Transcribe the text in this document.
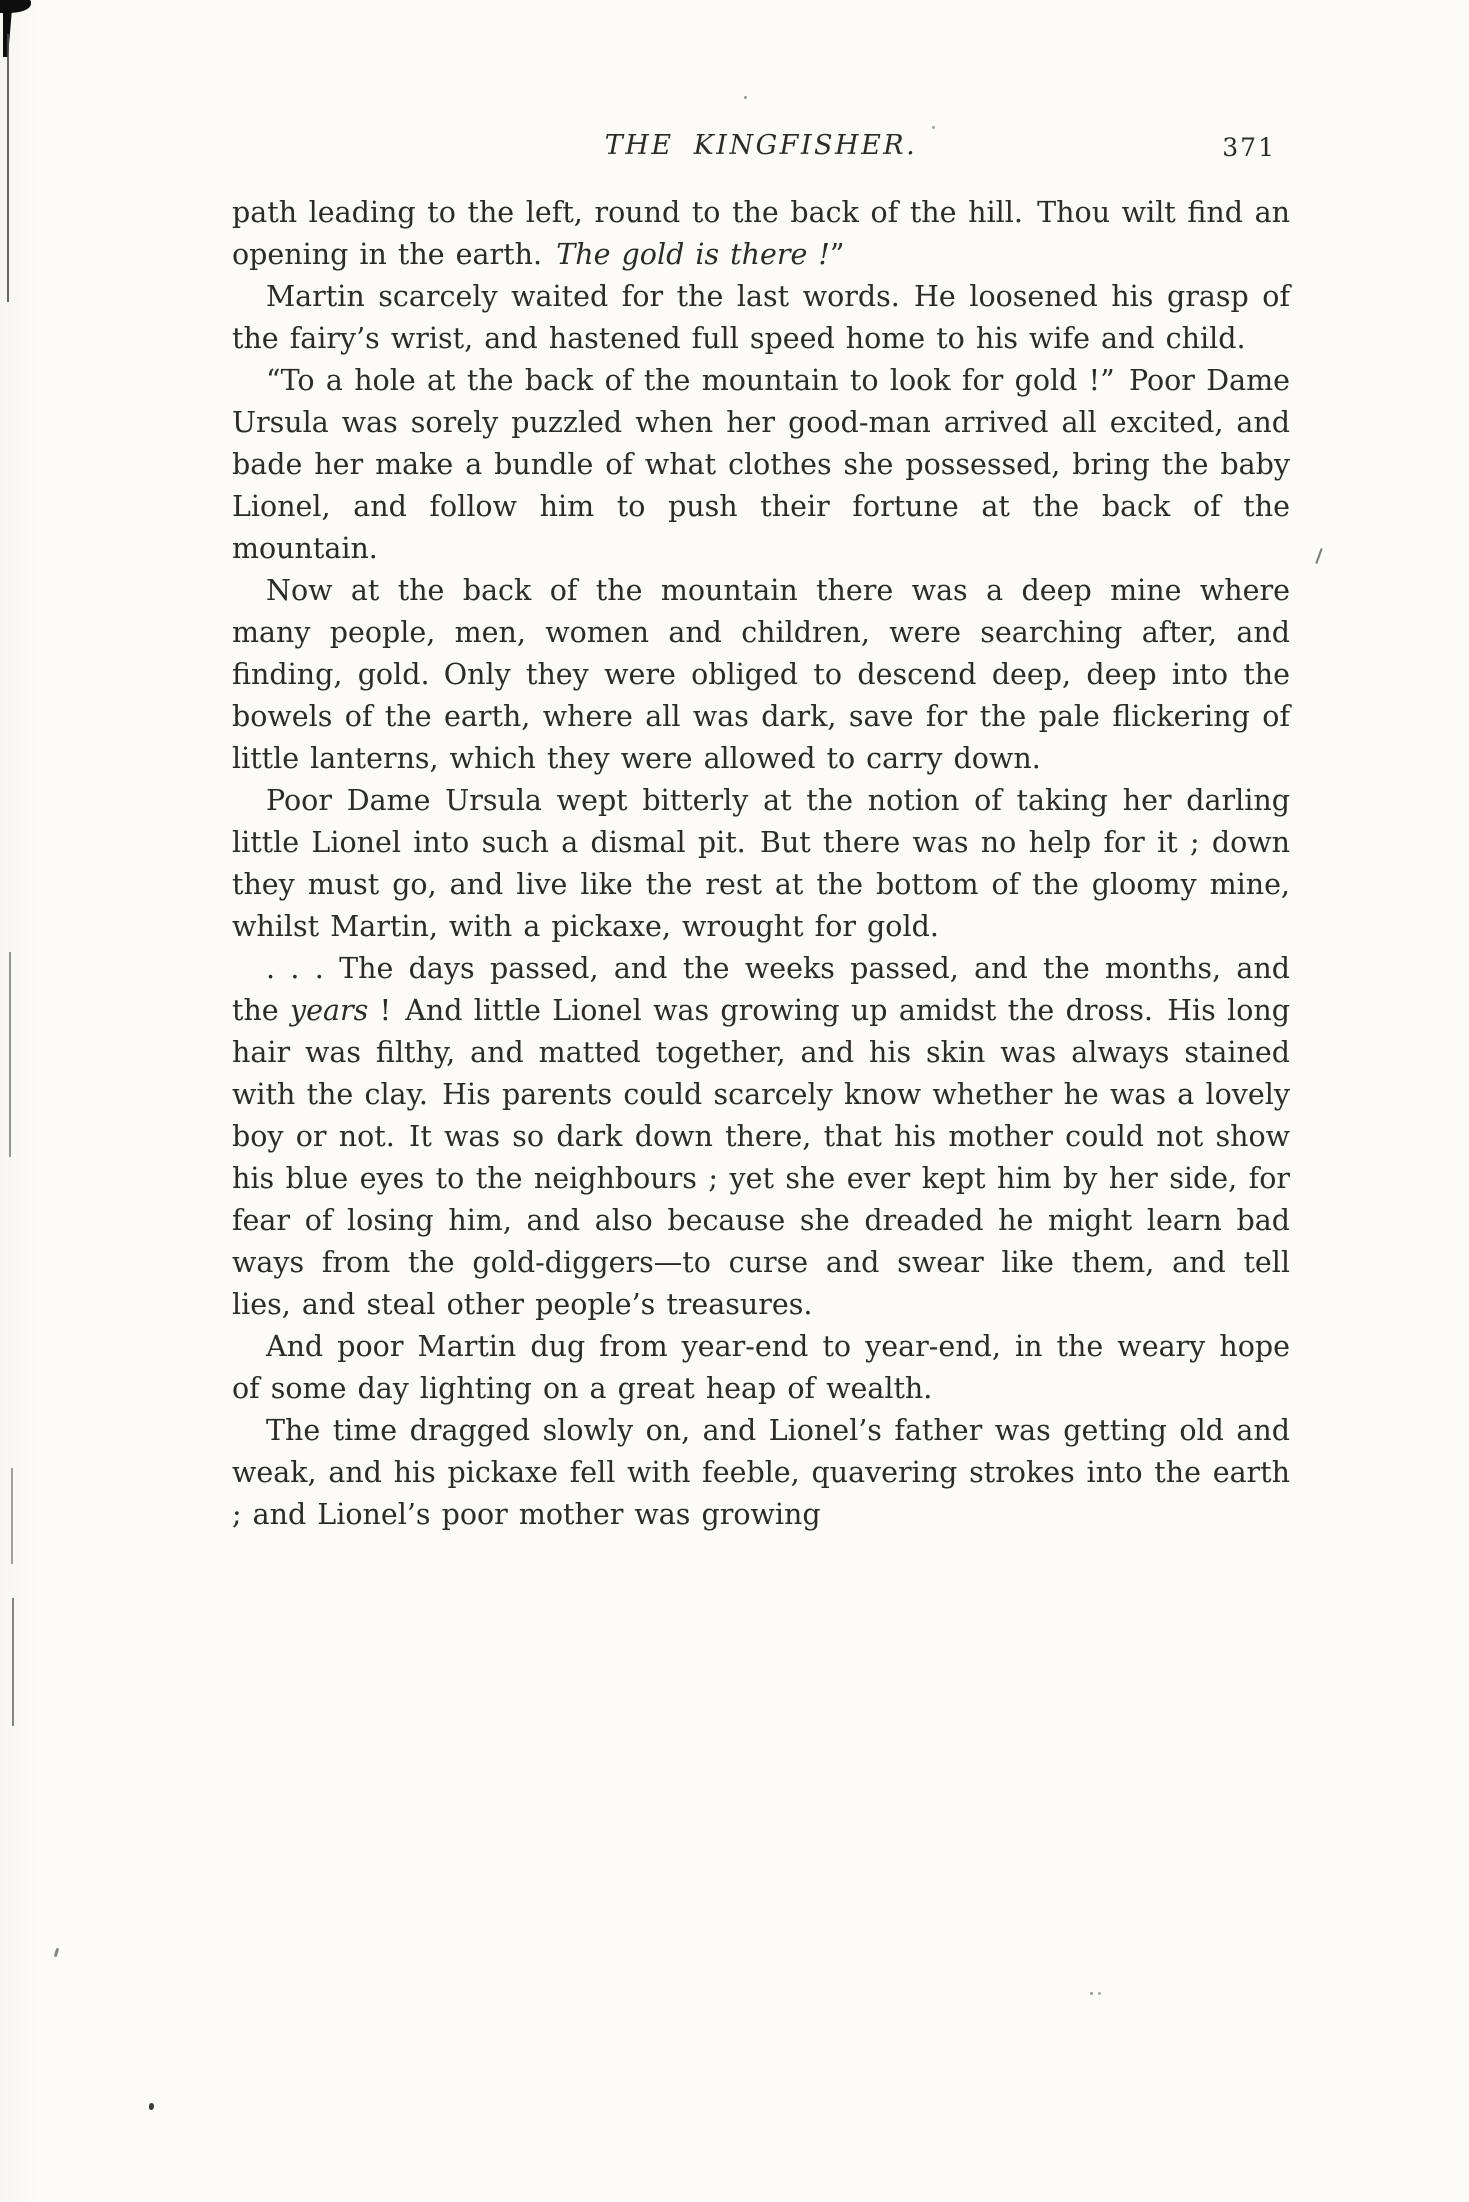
THE KINGFISHER.	371

path leading to the left, round to the back of the hill. Thou wilt find an opening in the earth. The gold is there !”

Martin scarcely waited for the last words. He loosened his grasp of the fairy’s wrist, and hastened full speed home to his wife and child.

“To a hole at the back of the mountain to look for gold !” Poor Dame Ursula was sorely puzzled when her good-man arrived all excited, and bade her make a bundle of what clothes she possessed, bring the baby Lionel, and follow him to push their fortune at the back of the mountain.

Now at the back of the mountain there was a deep mine where many people, men, women and children, were searching after, and finding, gold. Only they were obliged to descend deep, deep into the bowels of the earth, where all was dark, save for the pale flickering of little lanterns, which they were allowed to carry down.

Poor Dame Ursula wept bitterly at the notion of taking her darling little Lionel into such a dismal pit. But there was no help for it ; down they must go, and live like the rest at the bottom of the gloomy mine, whilst Martin, with a pickaxe, wrought for gold.

. . . The days passed, and the weeks passed, and the months, and the years ! And little Lionel was growing up amidst the dross. His long hair was filthy, and matted together, and his skin was always stained with the clay. His parents could scarcely know whether he was a lovely boy or not. It was so dark down there, that his mother could not show his blue eyes to the neighbours ; yet she ever kept him by her side, for fear of losing him, and also because she dreaded he might learn bad ways from the gold-diggers—to curse and swear like them, and tell lies, and steal other people’s treasures.

And poor Martin dug from year-end to year-end, in the weary hope of some day lighting on a great heap of wealth.

The time dragged slowly on, and Lionel’s father was getting old and weak, and his pickaxe fell with feeble, quavering strokes into the earth ; and Lionel’s poor mother was growing
